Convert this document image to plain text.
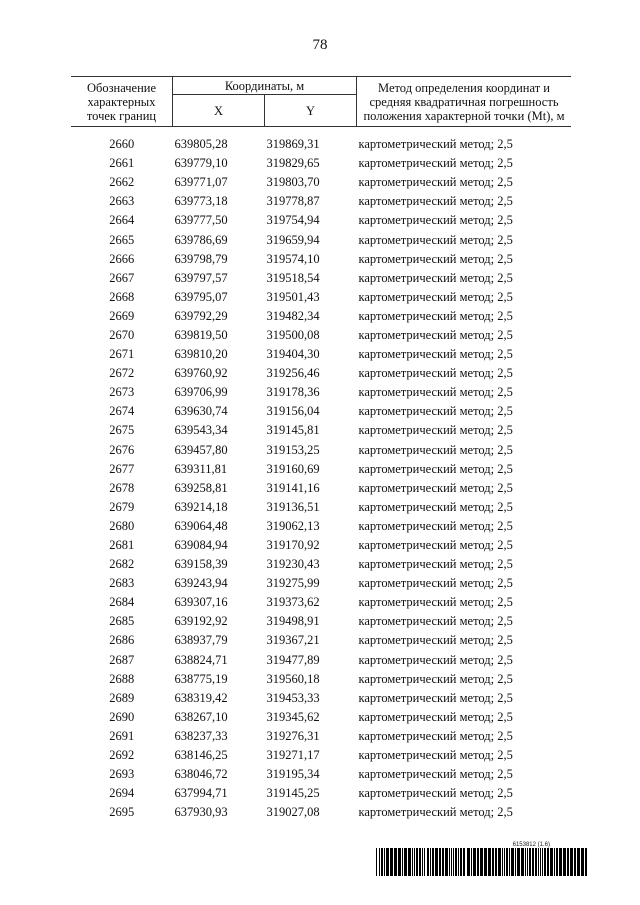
78
Обозначение характерных точек границ	Координаты, м		Метод определения координат и средняя квадратичная погрешность положения характерной точки (Mt), м
	X	Y	

2660	639805,28	319869,31	картометрический метод; 2,5
2661	639779,10	319829,65	картометрический метод; 2,5
2662	639771,07	319803,70	картометрический метод; 2,5
2663	639773,18	319778,87	картометрический метод; 2,5
2664	639777,50	319754,94	картометрический метод; 2,5
2665	639786,69	319659,94	картометрический метод; 2,5
2666	639798,79	319574,10	картометрический метод; 2,5
2667	639797,57	319518,54	картометрический метод; 2,5
2668	639795,07	319501,43	картометрический метод; 2,5
2669	639792,29	319482,34	картометрический метод; 2,5
2670	639819,50	319500,08	картометрический метод; 2,5
2671	639810,20	319404,30	картометрический метод; 2,5
2672	639760,92	319256,46	картометрический метод; 2,5
2673	639706,99	319178,36	картометрический метод; 2,5
2674	639630,74	319156,04	картометрический метод; 2,5
2675	639543,34	319145,81	картометрический метод; 2,5
2676	639457,80	319153,25	картометрический метод; 2,5
2677	639311,81	319160,69	картометрический метод; 2,5
2678	639258,81	319141,16	картометрический метод; 2,5
2679	639214,18	319136,51	картометрический метод; 2,5
2680	639064,48	319062,13	картометрический метод; 2,5
2681	639084,94	319170,92	картометрический метод; 2,5
2682	639158,39	319230,43	картометрический метод; 2,5
2683	639243,94	319275,99	картометрический метод; 2,5
2684	639307,16	319373,62	картометрический метод; 2,5
2685	639192,92	319498,91	картометрический метод; 2,5
2686	638937,79	319367,21	картометрический метод; 2,5
2687	638824,71	319477,89	картометрический метод; 2,5
2688	638775,19	319560,18	картометрический метод; 2,5
2689	638319,42	319453,33	картометрический метод; 2,5
2690	638267,10	319345,62	картометрический метод; 2,5
2691	638237,33	319276,31	картометрический метод; 2,5
2692	638146,25	319271,17	картометрический метод; 2,5
2693	638046,72	319195,34	картометрический метод; 2,5
2694	637994,71	319145,25	картометрический метод; 2,5
2695	637930,93	319027,08	картометрический метод; 2,5
6153812 (1.6)
